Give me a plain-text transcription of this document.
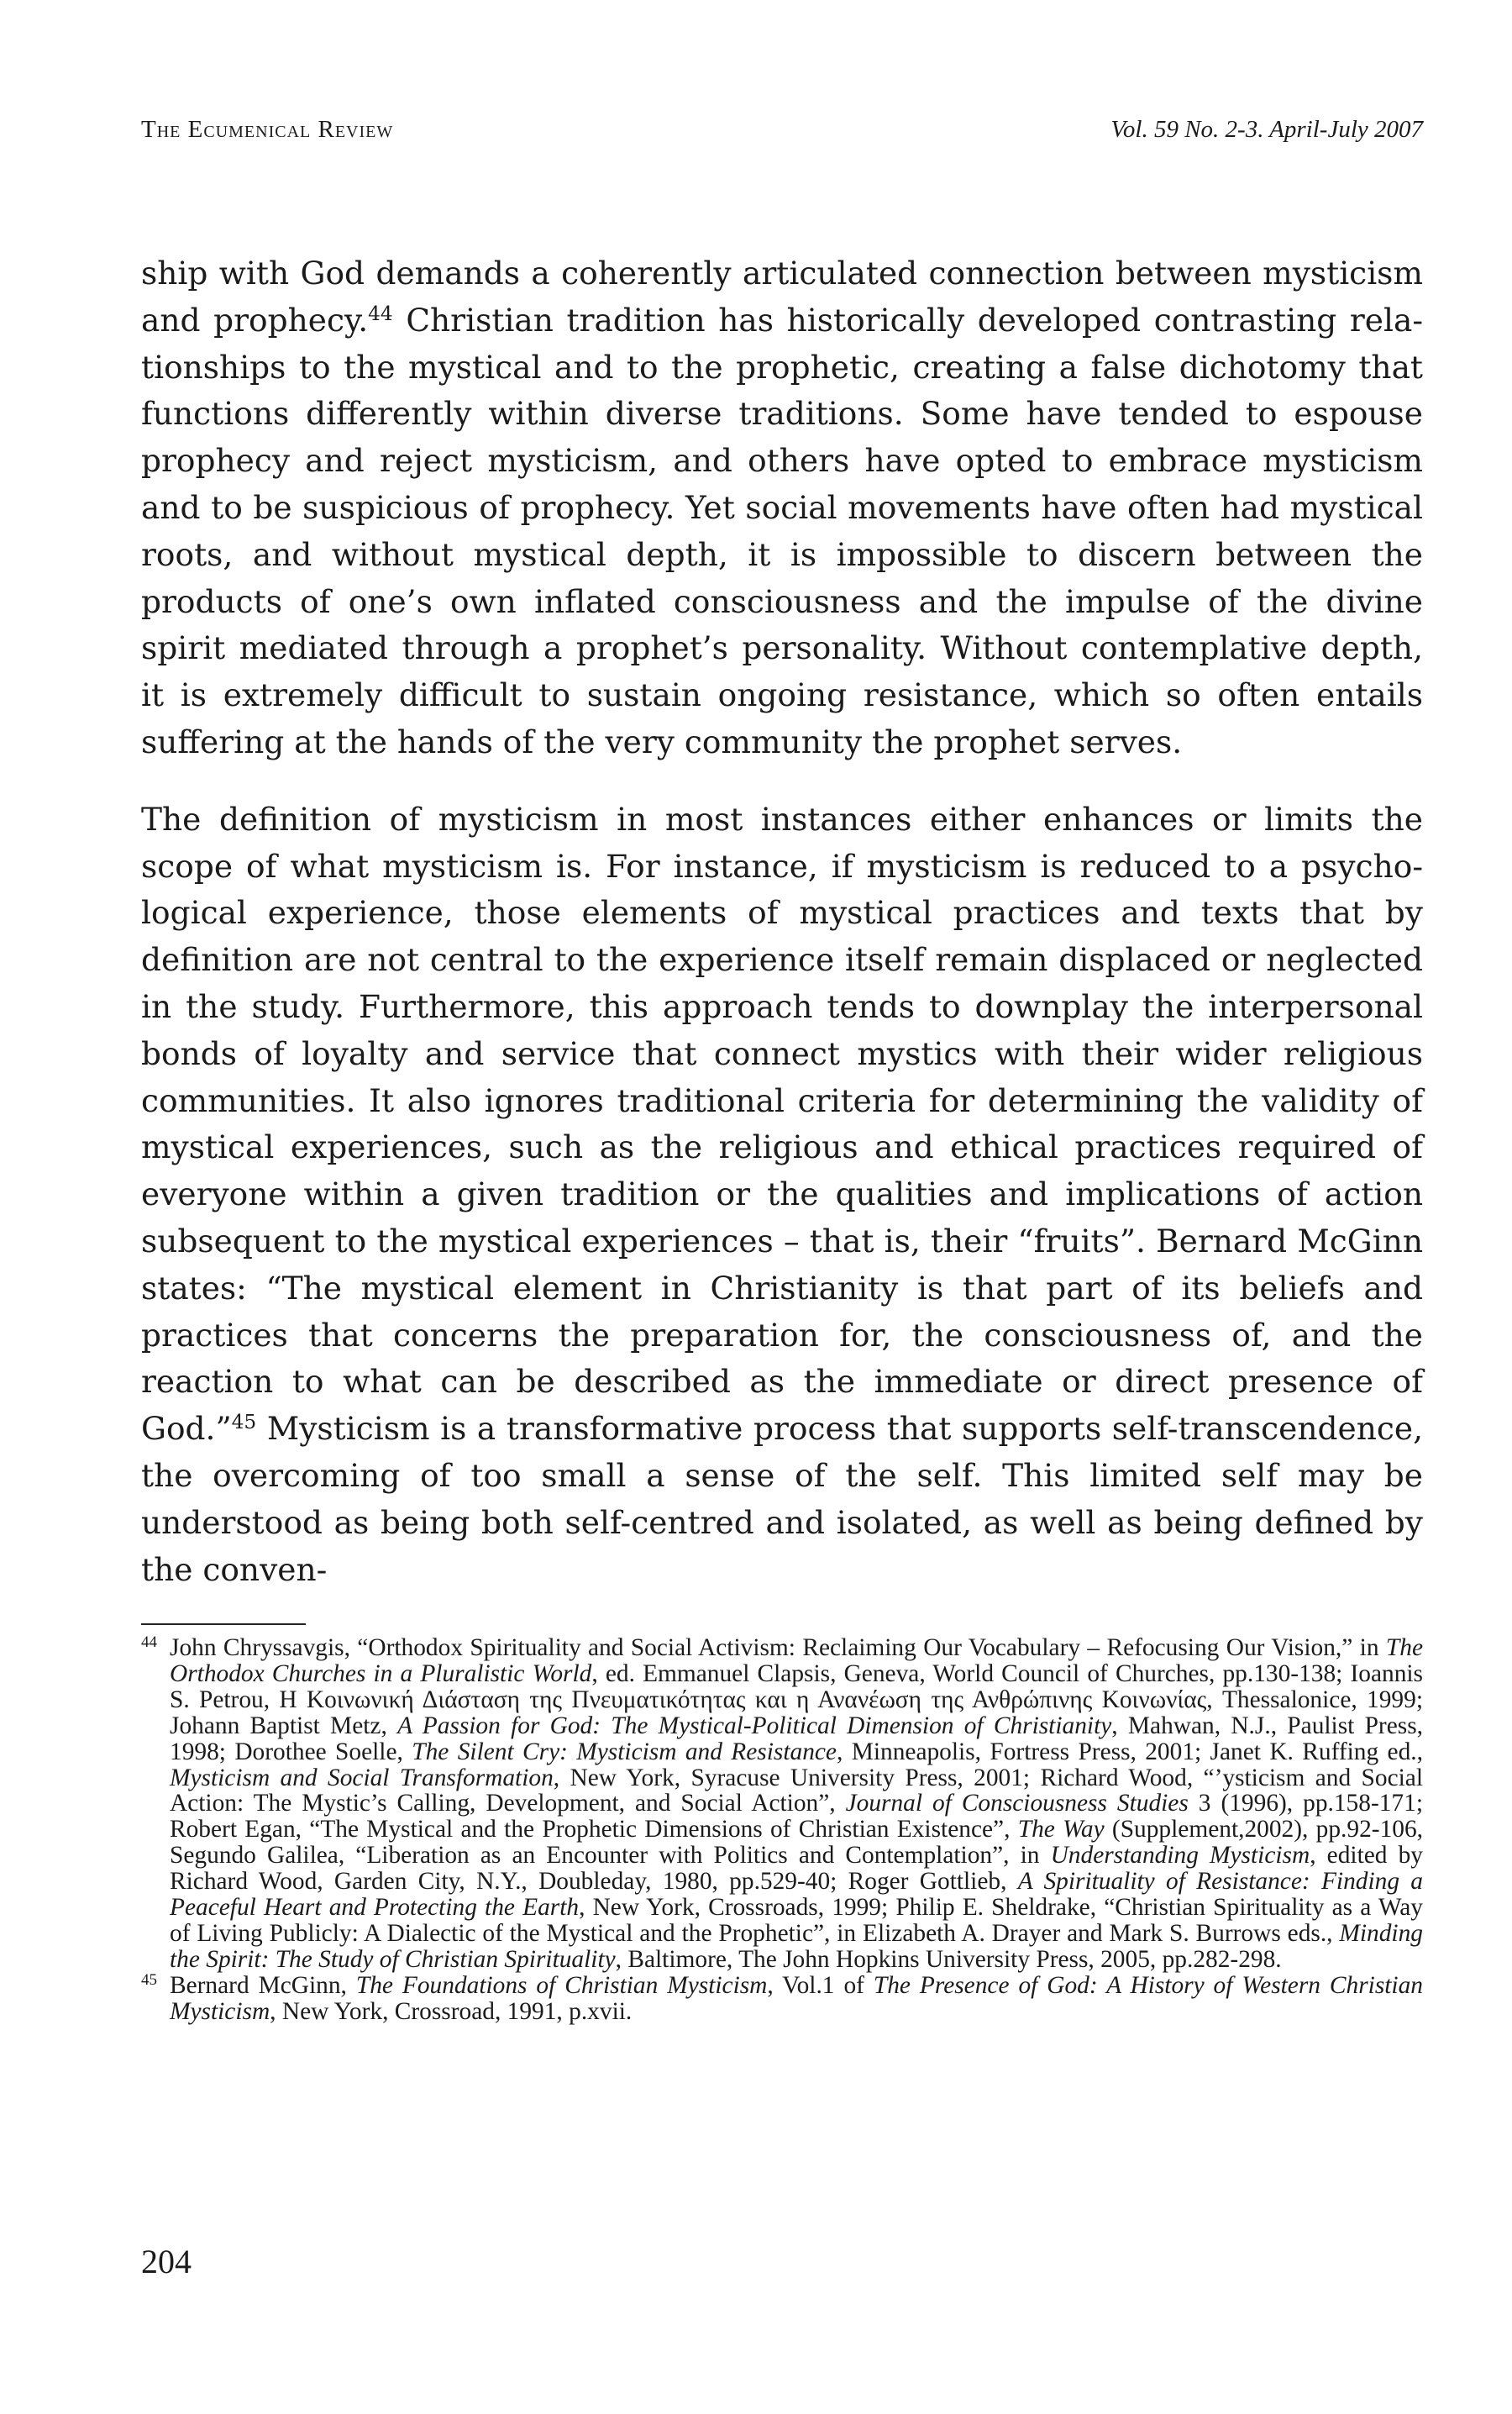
The Ecumenical Review	Vol. 59 No. 2-3. April-July 2007

ship with God demands a coherently articulated connection between mysticism and prophecy.$^{44}$ Christian tradition has historically developed contrasting relationships to the mystical and to the prophetic, creating a false dichotomy that functions differently within diverse traditions. Some have tended to espouse prophecy and reject mysticism, and others have opted to embrace mysticism and to be suspicious of prophecy. Yet social movements have often had mystical roots, and without mystical depth, it is impossible to discern between the products of one’s own inflated consciousness and the impulse of the divine spirit mediated through a prophet’s personality. Without contemplative depth, it is extremely difficult to sustain ongoing resistance, which so often entails suffering at the hands of the very community the prophet serves.

The definition of mysticism in most instances either enhances or limits the scope of what mysticism is. For instance, if mysticism is reduced to a psychological experience, those elements of mystical practices and texts that by definition are not central to the experience itself remain displaced or neglected in the study. Furthermore, this approach tends to downplay the interpersonal bonds of loyalty and service that connect mystics with their wider religious communities. It also ignores traditional criteria for determining the validity of mystical experiences, such as the religious and ethical practices required of everyone within a given tradition or the qualities and implications of action subsequent to the mystical experiences – that is, their “fruits”. Bernard McGinn states: “The mystical element in Christianity is that part of its beliefs and practices that concerns the preparation for, the consciousness of, and the reaction to what can be described as the immediate or direct presence of God.”$^{45}$ Mysticism is a transformative process that supports self-transcendence, the overcoming of too small a sense of the self. This limited self may be understood as being both self-centred and isolated, as well as being defined by the conven-

44 John Chryssavgis, “Orthodox Spirituality and Social Activism: Reclaiming Our Vocabulary – Refocusing Our Vision,” in The Orthodox Churches in a Pluralistic World, ed. Emmanuel Clapsis, Geneva, World Council of Churches, pp.130-138; Ioannis S. Petrou, Η Κοινωνική Διάσταση της Πνευματικότητας και η Ανανέωση της Ανθρώπινης Κοινωνίας, Thessalonice, 1999; Johann Baptist Metz, A Passion for God: The Mystical-Political Dimension of Christianity, Mahwan, N.J., Paulist Press, 1998; Dorothee Soelle, The Silent Cry: Mysticism and Resistance, Minneapolis, Fortress Press, 2001; Janet K. Ruffing ed., Mysticism and Social Transformation, New York, Syracuse University Press, 2001; Richard Wood, “’ysticism and Social Action: The Mystic’s Calling, Development, and Social Action”, Journal of Consciousness Studies 3 (1996), pp.158-171; Robert Egan, “The Mystical and the Prophetic Dimensions of Christian Existence”, The Way (Supplement,2002), pp.92-106, Segundo Galilea, “Liberation as an Encounter with Politics and Contemplation”, in Understanding Mysticism, edited by Richard Wood, Garden City, N.Y., Doubleday, 1980, pp.529-40; Roger Gottlieb, A Spirituality of Resistance: Finding a Peaceful Heart and Protecting the Earth, New York, Crossroads, 1999; Philip E. Sheldrake, “Christian Spirituality as a Way of Living Publicly: A Dialectic of the Mystical and the Prophetic”, in Elizabeth A. Drayer and Mark S. Burrows eds., Minding the Spirit: The Study of Christian Spirituality, Baltimore, The John Hopkins University Press, 2005, pp.282-298.

45 Bernard McGinn, The Foundations of Christian Mysticism, Vol.1 of The Presence of God: A History of Western Christian Mysticism, New York, Crossroad, 1991, p.xvii.

204
